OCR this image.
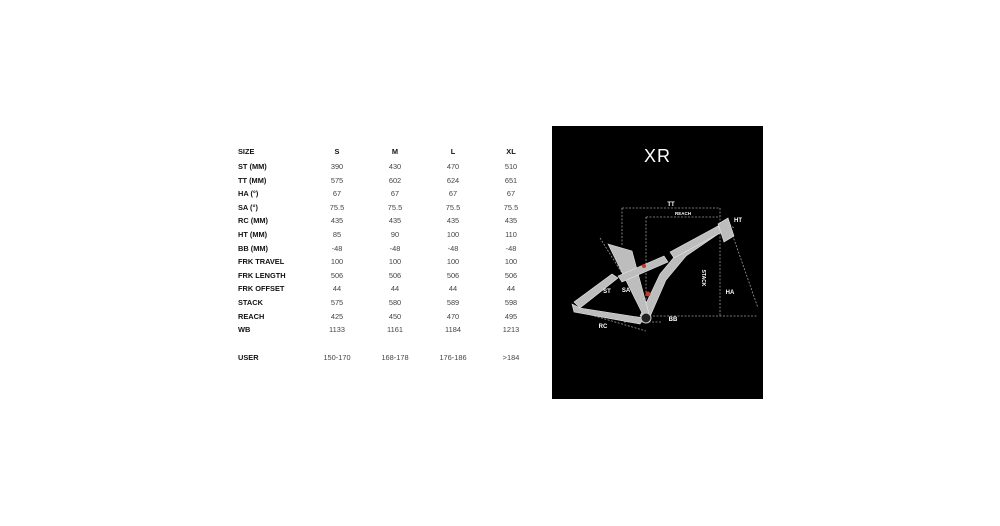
SIZE	S	M	L	XL
ST (MM)	390	430	470	510
TT (MM)	575	602	624	651
HA (°)	67	67	67	67
SA (°)	75.5	75.5	75.5	75.5
RC (MM)	435	435	435	435
HT (MM)	85	90	100	110
BB (MM)	-48	-48	-48	-48
FRK TRAVEL	100	100	100	100
FRK LENGTH	506	506	506	506
FRK OFFSET	44	44	44	44
STACK	575	580	589	598
REACH	425	450	470	495
WB	1133	1161	1184	1213

USER	150-170	168-178	176-186	>184
XR
TT
REACH
HT
STACK
HA
ST SA
RC
BB
